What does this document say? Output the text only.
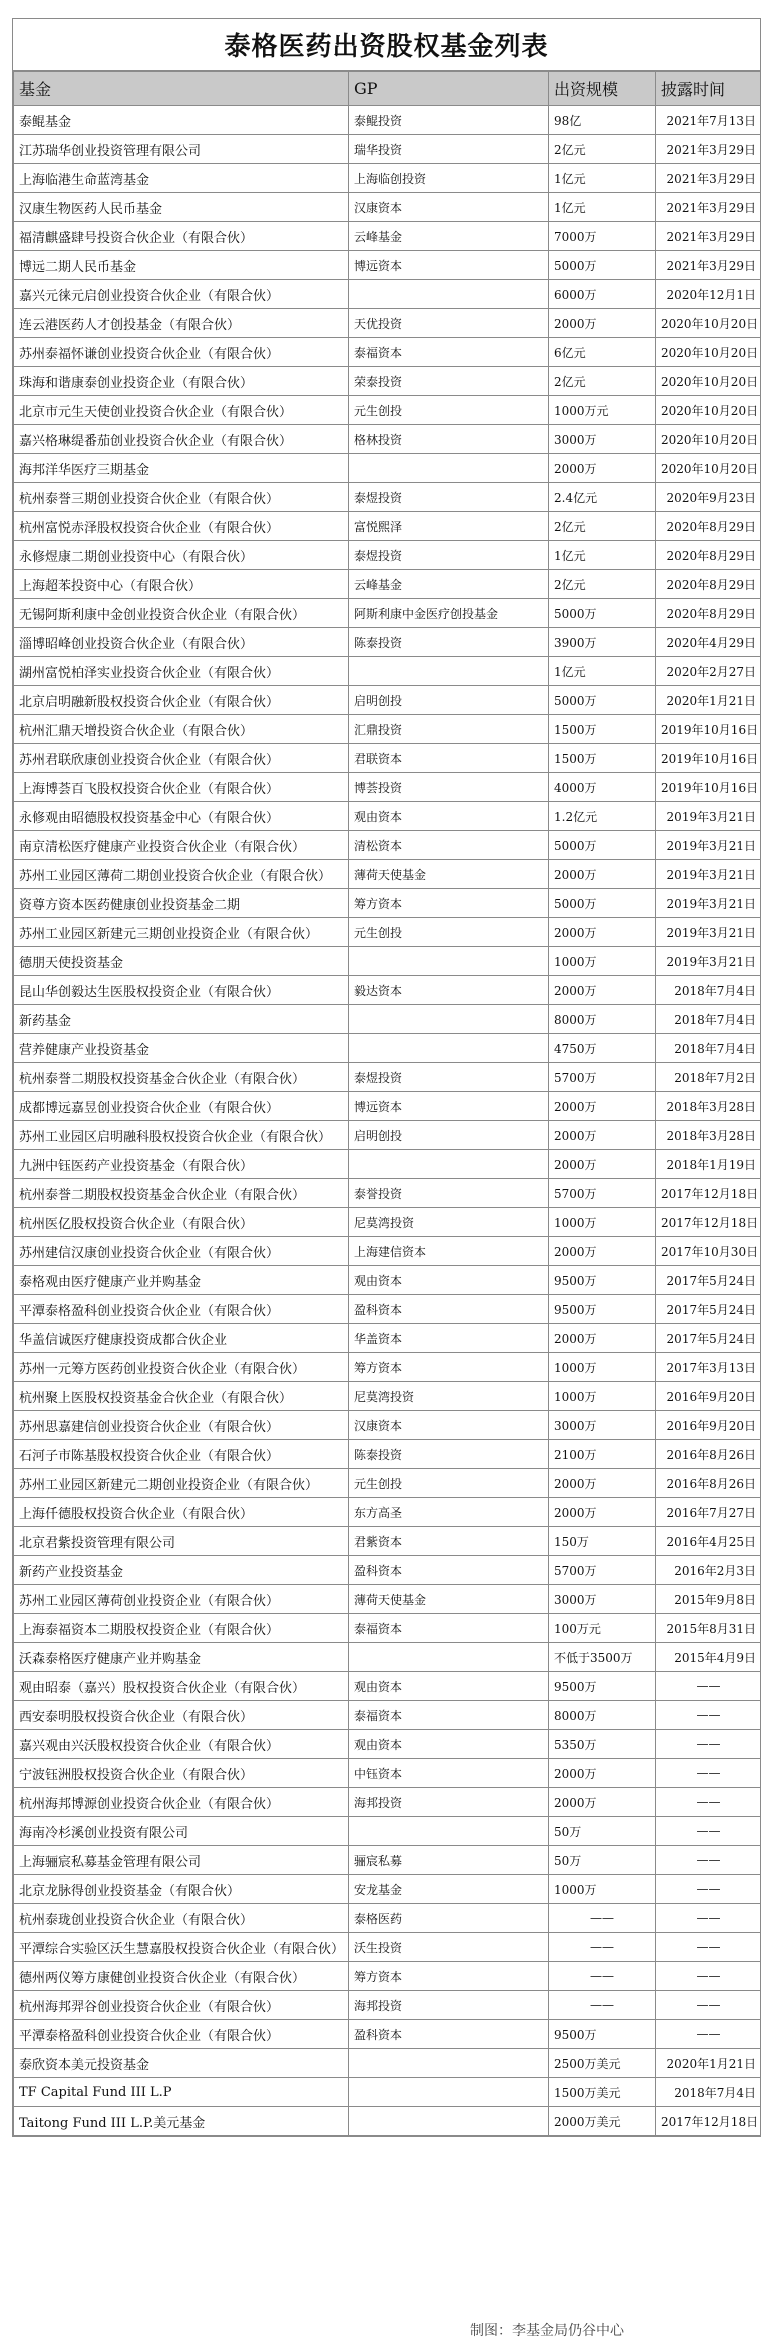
泰格医药出资股权基金列表
基金	GP	出资规模	披露时间
泰鲲基金	泰鲲投资	98亿	2021年7月13日
江苏瑞华创业投资管理有限公司	瑞华投资	2亿元	2021年3月29日
上海临港生命蓝湾基金	上海临创投资	1亿元	2021年3月29日
汉康生物医药人民币基金	汉康资本	1亿元	2021年3月29日
福清麒盛肆号投资合伙企业（有限合伙）	云峰基金	7000万	2021年3月29日
博远二期人民币基金	博远资本	5000万	2021年3月29日
嘉兴元徕元启创业投资合伙企业（有限合伙）		6000万	2020年12月1日
连云港医药人才创投基金（有限合伙）	天优投资	2000万	2020年10月20日
苏州泰福怀谦创业投资合伙企业（有限合伙）	泰福资本	6亿元	2020年10月20日
珠海和谐康泰创业投资企业（有限合伙）	荣泰投资	2亿元	2020年10月20日
北京市元生天使创业投资合伙企业（有限合伙）	元生创投	1000万元	2020年10月20日
嘉兴格琳缇番茄创业投资合伙企业（有限合伙）	格林投资	3000万	2020年10月20日
海邦洋华医疗三期基金		2000万	2020年10月20日
杭州泰誉三期创业投资合伙企业（有限合伙）	泰煜投资	2.4亿元	2020年9月23日
杭州富悦赤泽股权投资合伙企业（有限合伙）	富悦熙泽	2亿元	2020年8月29日
永修煜康二期创业投资中心（有限合伙）	泰煜投资	1亿元	2020年8月29日
上海超苯投资中心（有限合伙）	云峰基金	2亿元	2020年8月29日
无锡阿斯利康中金创业投资合伙企业（有限合伙）	阿斯利康中金医疗创投基金	5000万	2020年8月29日
淄博昭峰创业投资合伙企业（有限合伙）	陈泰投资	3900万	2020年4月29日
湖州富悦柏泽实业投资合伙企业（有限合伙）		1亿元	2020年2月27日
北京启明融新股权投资合伙企业（有限合伙）	启明创投	5000万	2020年1月21日
杭州汇鼎天增投资合伙企业（有限合伙）	汇鼎投资	1500万	2019年10月16日
苏州君联欣康创业投资合伙企业（有限合伙）	君联资本	1500万	2019年10月16日
上海博荟百飞股权投资合伙企业（有限合伙）	博荟投资	4000万	2019年10月16日
永修观由昭德股权投资基金中心（有限合伙）	观由资本	1.2亿元	2019年3月21日
南京清松医疗健康产业投资合伙企业（有限合伙）	清松资本	5000万	2019年3月21日
苏州工业园区薄荷二期创业投资合伙企业（有限合伙）	薄荷天使基金	2000万	2019年3月21日
资尊方资本医药健康创业投资基金二期	筹方资本	5000万	2019年3月21日
苏州工业园区新建元三期创业投资企业（有限合伙）	元生创投	2000万	2019年3月21日
德朋天使投资基金		1000万	2019年3月21日
昆山华创毅达生医股权投资企业（有限合伙）	毅达资本	2000万	2018年7月4日
新药基金		8000万	2018年7月4日
营养健康产业投资基金		4750万	2018年7月4日
杭州泰誉二期股权投资基金合伙企业（有限合伙）	泰煜投资	5700万	2018年7月2日
成都博远嘉昱创业投资合伙企业（有限合伙）	博远资本	2000万	2018年3月28日
苏州工业园区启明融科股权投资合伙企业（有限合伙）	启明创投	2000万	2018年3月28日
九洲中钰医药产业投资基金（有限合伙）		2000万	2018年1月19日
杭州泰誉二期股权投资基金合伙企业（有限合伙）	泰誉投资	5700万	2017年12月18日
杭州医亿股权投资合伙企业（有限合伙）	尼莫湾投资	1000万	2017年12月18日
苏州建信汉康创业投资合伙企业（有限合伙）	上海建信资本	2000万	2017年10月30日
泰格观由医疗健康产业并购基金	观由资本	9500万	2017年5月24日
平潭泰格盈科创业投资合伙企业（有限合伙）	盈科资本	9500万	2017年5月24日
华盖信诚医疗健康投资成都合伙企业	华盖资本	2000万	2017年5月24日
苏州一元筹方医药创业投资合伙企业（有限合伙）	筹方资本	1000万	2017年3月13日
杭州聚上医股权投资基金合伙企业（有限合伙）	尼莫湾投资	1000万	2016年9月20日
苏州思嘉建信创业投资合伙企业（有限合伙）	汉康资本	3000万	2016年9月20日
石河子市陈基股权投资合伙企业（有限合伙）	陈泰投资	2100万	2016年8月26日
苏州工业园区新建元二期创业投资企业（有限合伙）	元生创投	2000万	2016年8月26日
上海仟德股权投资合伙企业（有限合伙）	东方高圣	2000万	2016年7月27日
北京君紫投资管理有限公司	君紫资本	150万	2016年4月25日
新药产业投资基金	盈科资本	5700万	2016年2月3日
苏州工业园区薄荷创业投资企业（有限合伙）	薄荷天使基金	3000万	2015年9月8日
上海泰福资本二期股权投资企业（有限合伙）	泰福资本	100万元	2015年8月31日
沃森泰格医疗健康产业并购基金		不低于3500万	2015年4月9日
观由昭泰（嘉兴）股权投资合伙企业（有限合伙）	观由资本	9500万	——
西安泰明股权投资合伙企业（有限合伙）	泰福资本	8000万	——
嘉兴观由兴沃股权投资合伙企业（有限合伙）	观由资本	5350万	——
宁波钰洲股权投资合伙企业（有限合伙）	中钰资本	2000万	——
杭州海邦博源创业投资合伙企业（有限合伙）	海邦投资	2000万	——
海南冷杉溪创业投资有限公司		50万	——
上海骊宸私募基金管理有限公司	骊宸私募	50万	——
北京龙脉得创业投资基金（有限合伙）	安龙基金	1000万	——
杭州泰珑创业投资合伙企业（有限合伙）	泰格医药	——	——
平潭综合实验区沃生慧嘉股权投资合伙企业（有限合伙）	沃生投资	——	——
德州两仪筹方康健创业投资合伙企业（有限合伙）	筹方资本	——	——
杭州海邦羿谷创业投资合伙企业（有限合伙）	海邦投资	——	——
平潭泰格盈科创业投资合伙企业（有限合伙）	盈科资本	9500万	——
泰欣资本美元投资基金		2500万美元	2020年1月21日
TF Capital Fund III L.P		1500万美元	2018年7月4日
Taitong Fund III L.P.美元基金		2000万美元	2017年12月18日
制图：李基金局仍谷中心
